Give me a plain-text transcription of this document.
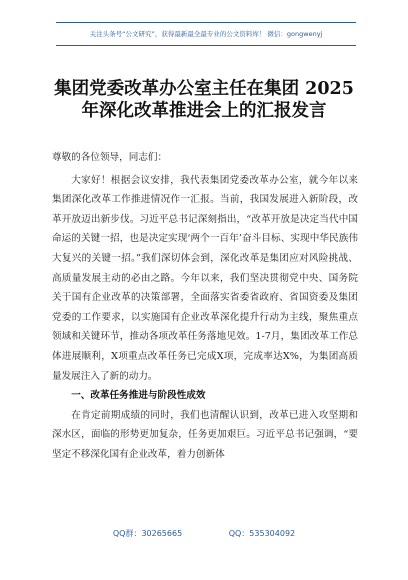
关注头条号“公文研究”，获得最新最全最专业的公文资料库！ 微信：gongwenyj
集团党委改革办公室主任在集团 2025
年深化改革推进会上的汇报发言

尊敬的各位领导，同志们：

大家好！根据会议安排，我代表集团党委改革办公室，就今年以来集团深化改革工作推进情况作一汇报。当前，我国发展进入新阶段，改革开放迈出新步伐。习近平总书记深刻指出，“改革开放是决定当代中国命运的关键一招，也是决定实现‘两个一百年’奋斗目标、实现中华民族伟大复兴的关键一招。”我们深切体会到，深化改革是集团应对风险挑战、高质量发展主动的必由之路。今年以来，我们坚决贯彻党中央、国务院关于国有企业改革的决策部署，全面落实省委省政府、省国资委及集团党委的工作要求，以实施国有企业改革深化提升行动为主线，聚焦重点领域和关键环节，推动各项改革任务落地见效。1-7月，集团改革工作总体进展顺利，X项重点改革任务已完成X项，完成率达X%，为集团高质量发展注入了新的动力。

一、改革任务推进与阶段性成效

在肯定前期成绩的同时，我们也清醒认识到，改革已进入攻坚期和深水区，面临的形势更加复杂，任务更加艰巨。习近平总书记强调，“要坚定不移深化国有企业改革，着力创新体

QQ群：30265665	QQ：535304092
